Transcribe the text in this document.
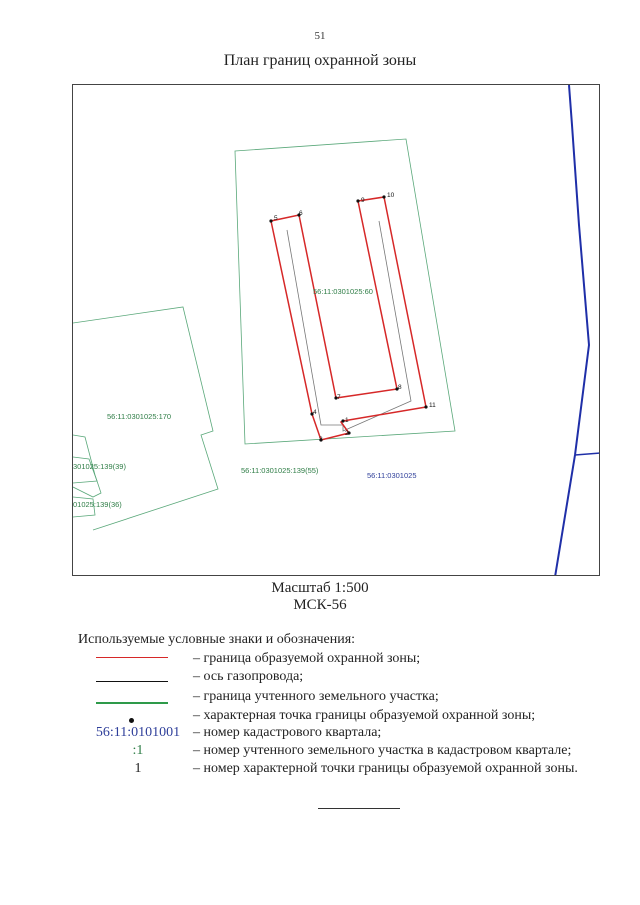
51
План границ охранной зоны
56:11:0301025:60
56:11:0301025:170
301025:139(39)
01025:139(36)
56:11:0301025:139(55)
56:11:0301025
1
2
3
4
5
6
7
8
9
10
11
Масштаб 1:500
МСК-56
Используемые условные знаки и обозначения:
– граница образуемой охранной зоны;
– ось газопровода;
– граница учтенного земельного участка;
– характерная точка границы образуемой охранной зоны;
56:11:0101001 – номер кадастрового квартала;
:1	– номер учтенного земельного участка в кадастровом квартале;
1	– номер характерной точки границы образуемой охранной зоны.
